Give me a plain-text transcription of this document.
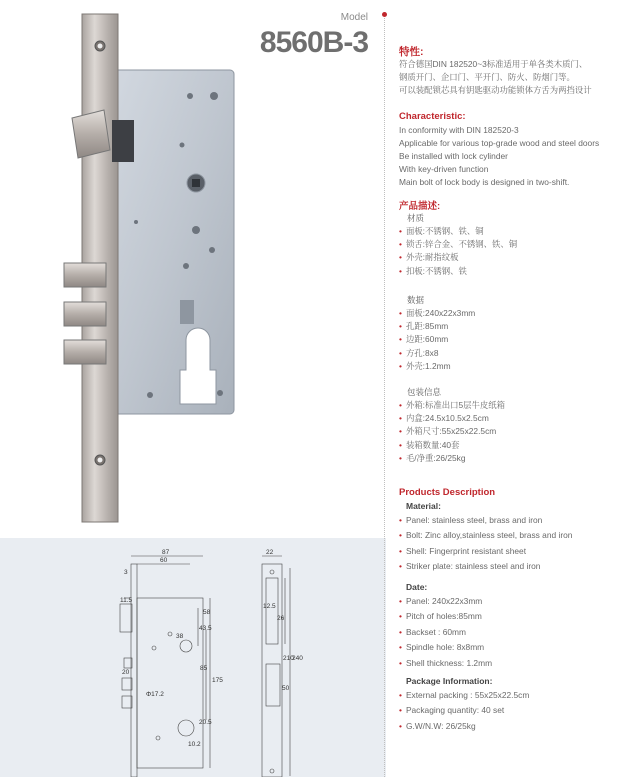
Model
8560B-3
87
60
3
22
11.5
12.5
38
43.5
58
175
85
26
210
240
20
50
Φ17.2
10.2
20.5
特性:
符合德国DIN 182520~3标准适用于单各类木质门、
钢质开门、企口门、平开门、防火、防烟门等。
可以装配锁芯具有钥匙驱动功能锁体方舌为两挡设计
Characteristic:
In conformity with DIN 182520-3
Applicable for various top-grade wood and steel doors
Be installed with lock cylinder
With key-driven function
Main bolt of lock body is designed in two-shift.
产品描述:
材质
• 面板:不锈钢、铁、铜
• 锁舌:锌合金、不锈钢、铁、铜
• 外壳:耐指纹板
• 扣板:不锈钢、铁
数据
• 面板:240x22x3mm
• 孔距:85mm
• 边距:60mm
• 方孔:8x8
• 外壳:1.2mm
包装信息
• 外箱:标准出口5层牛皮纸箱
• 内盒:24.5x10.5x2.5cm
• 外箱尺寸:55x25x22.5cm
• 装箱数量:40套
• 毛/净重:26/25kg
Products Description
Material:
• Panel: stainless steel, brass and iron
• Bolt: Zinc alloy,stainless steel, brass and iron
• Shell: Fingerprint resistant sheet
• Striker plate: stainless steel and iron
Date:
• Panel: 240x22x3mm
• Pitch of holes:85mm
• Backset : 60mm
• Spindle hole: 8x8mm
• Shell thickness: 1.2mm
Package Information:
• External packing : 55x25x22.5cm
• Packaging quantity: 40 set
• G.W/N.W: 26/25kg
